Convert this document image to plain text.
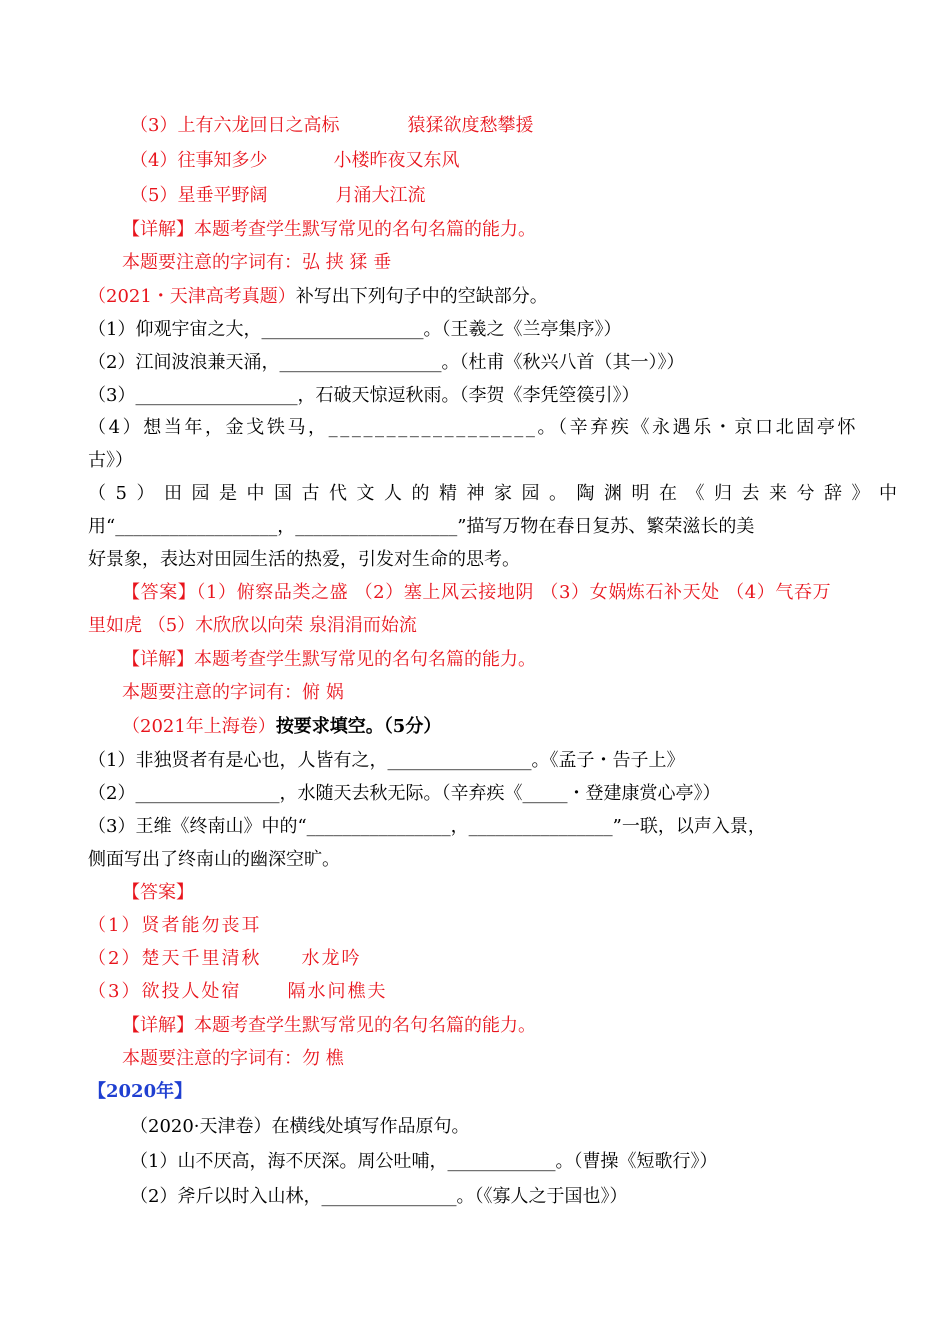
（3）上有六龙回日之高标	猿猱欲度愁攀援
（4）往事知多少	小楼昨夜又东风
（5）星垂平野阔	月涌大江流
【详解】本题考查学生默写常见的名句名篇的能力。
本题要注意的字词有：弘 挟 猱 垂
（2021・天津高考真题）补写出下列句子中的空缺部分。
（1）仰观宇宙之大，__________________。（王羲之《兰亭集序》）
（2）江间波浪兼天涌，__________________。（杜甫《秋兴八首（其一）》）
（3）__________________，石破天惊逗秋雨。（李贺《李凭箜篌引》）
（4）想当年，金戈铁马，__________________。（辛弃疾《永遇乐・京口北固亭怀
古》）
（5）田园是中国古代文人的精神家园。陶渊明在《归去来兮辞》中
用“__________________，__________________”描写万物在春日复苏、繁荣滋长的美
好景象，表达对田园生活的热爱，引发对生命的思考。
【答案】（1）俯察品类之盛 （2）塞上风云接地阴 （3）女娲炼石补天处 （4）气吞万
里如虎 （5）木欣欣以向荣 泉涓涓而始流
【详解】本题考查学生默写常见的名句名篇的能力。
本题要注意的字词有：俯 娲
（2021年上海卷）按要求填空。（5分）
（1）非独贤者有是心也，人皆有之，________________。《孟子・告子上》
（2）________________，水随天去秋无际。（辛弃疾《_____・登建康赏心亭》）
（3）王维《终南山》中的“________________，________________”一联，以声入景，
侧面写出了终南山的幽深空旷。
【答案】
（1）贤者能勿丧耳
（2）楚天千里清秋 水龙吟
（3）欲投人处宿	隔水问樵夫
【详解】本题考查学生默写常见的名句名篇的能力。
本题要注意的字词有：勿 樵
【2020年】
（2020·天津卷）在横线处填写作品原句。
（1）山不厌高，海不厌深。周公吐哺，____________。（曹操《短歌行》）
（2）斧斤以时入山林，_______________。（《寡人之于国也》）
